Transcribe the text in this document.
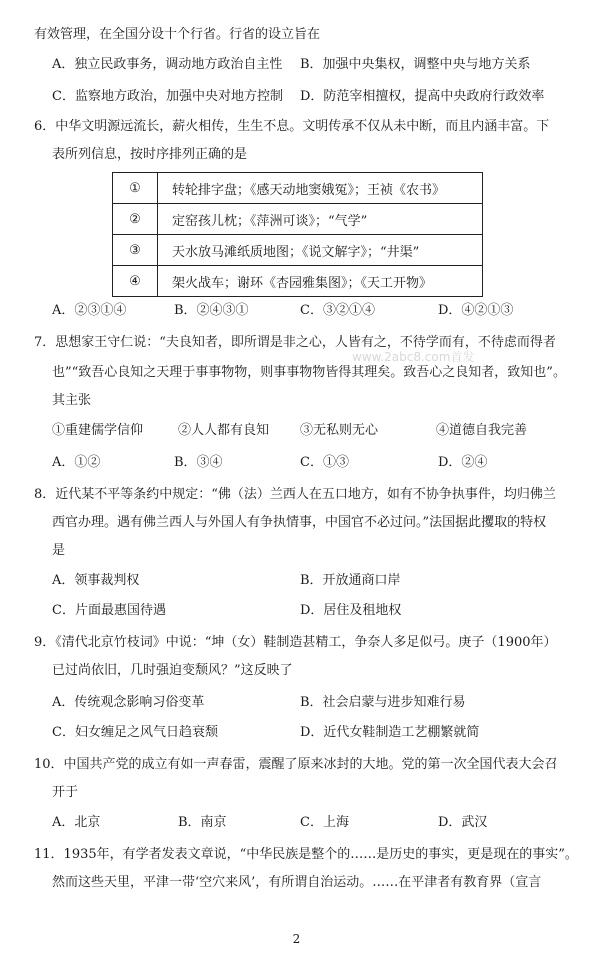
有效管理，在全国分设十个行省。行省的设立旨在
A．独立民政事务，调动地方政治自主性 B．加强中央集权，调整中央与地方关系
C．监察地方政治，加强中央对地方控制 D．防范宰相擅权，提高中央政府行政效率
6．中华文明源远流长，薪火相传，生生不息。文明传承不仅从未中断，而且内涵丰富。下
表所列信息，按时序排列正确的是
①	转轮排字盘；《感天动地窦娥冤》；王祯《农书》
②	定窑孩儿枕；《萍洲可谈》；“气学”
③	天水放马滩纸质地图；《说文解字》；“井渠”
④	架火战车；谢环《杏园雅集图》；《天工开物》
A．②③①④	B．②④③①	C．③②①④	D．④②①③
7．思想家王守仁说：“夫良知者，即所谓是非之心，人皆有之，不待学而有，不待虑而得者
www.2abc8.com首发
也”“致吾心良知之天理于事事物物，则事事物物皆得其理矣。致吾心之良知者，致知也”。
其主张
①重建儒学信仰	②人人都有良知 ③无私则无心	④道德自我完善
A．①②	B．③④	C．①③	D．②④
8．近代某不平等条约中规定：“佛（法）兰西人在五口地方，如有不协争执事件，均归佛兰
西官办理。遇有佛兰西人与外国人有争执情事，中国官不必过问。”法国据此攫取的特权
是
A．领事裁判权	B．开放通商口岸
C．片面最惠国待遇	D．居住及租地权
9．《清代北京竹枝词》中说：“坤（女）鞋制造甚精工，争奈人多足似弓。庚子（1900年）
已过尚依旧，几时强迫变颓风？”这反映了
A．传统观念影响习俗变革	B．社会启蒙与进步知难行易
C．妇女缠足之风气日趋衰颓	D．近代女鞋制造工艺棚繁就简
10．中国共产党的成立有如一声春雷，震醒了原来冰封的大地。党的第一次全国代表大会召
开于
A．北京	B．南京	C．上海	D．武汉
11．1935年，有学者发表文章说，“中华民族是整个的……是历史的事实，更是现在的事实”。
然而这些天里，平津一带‘空穴来风’，有所谓自治运动。……在平津者有教育界（宣言
2
